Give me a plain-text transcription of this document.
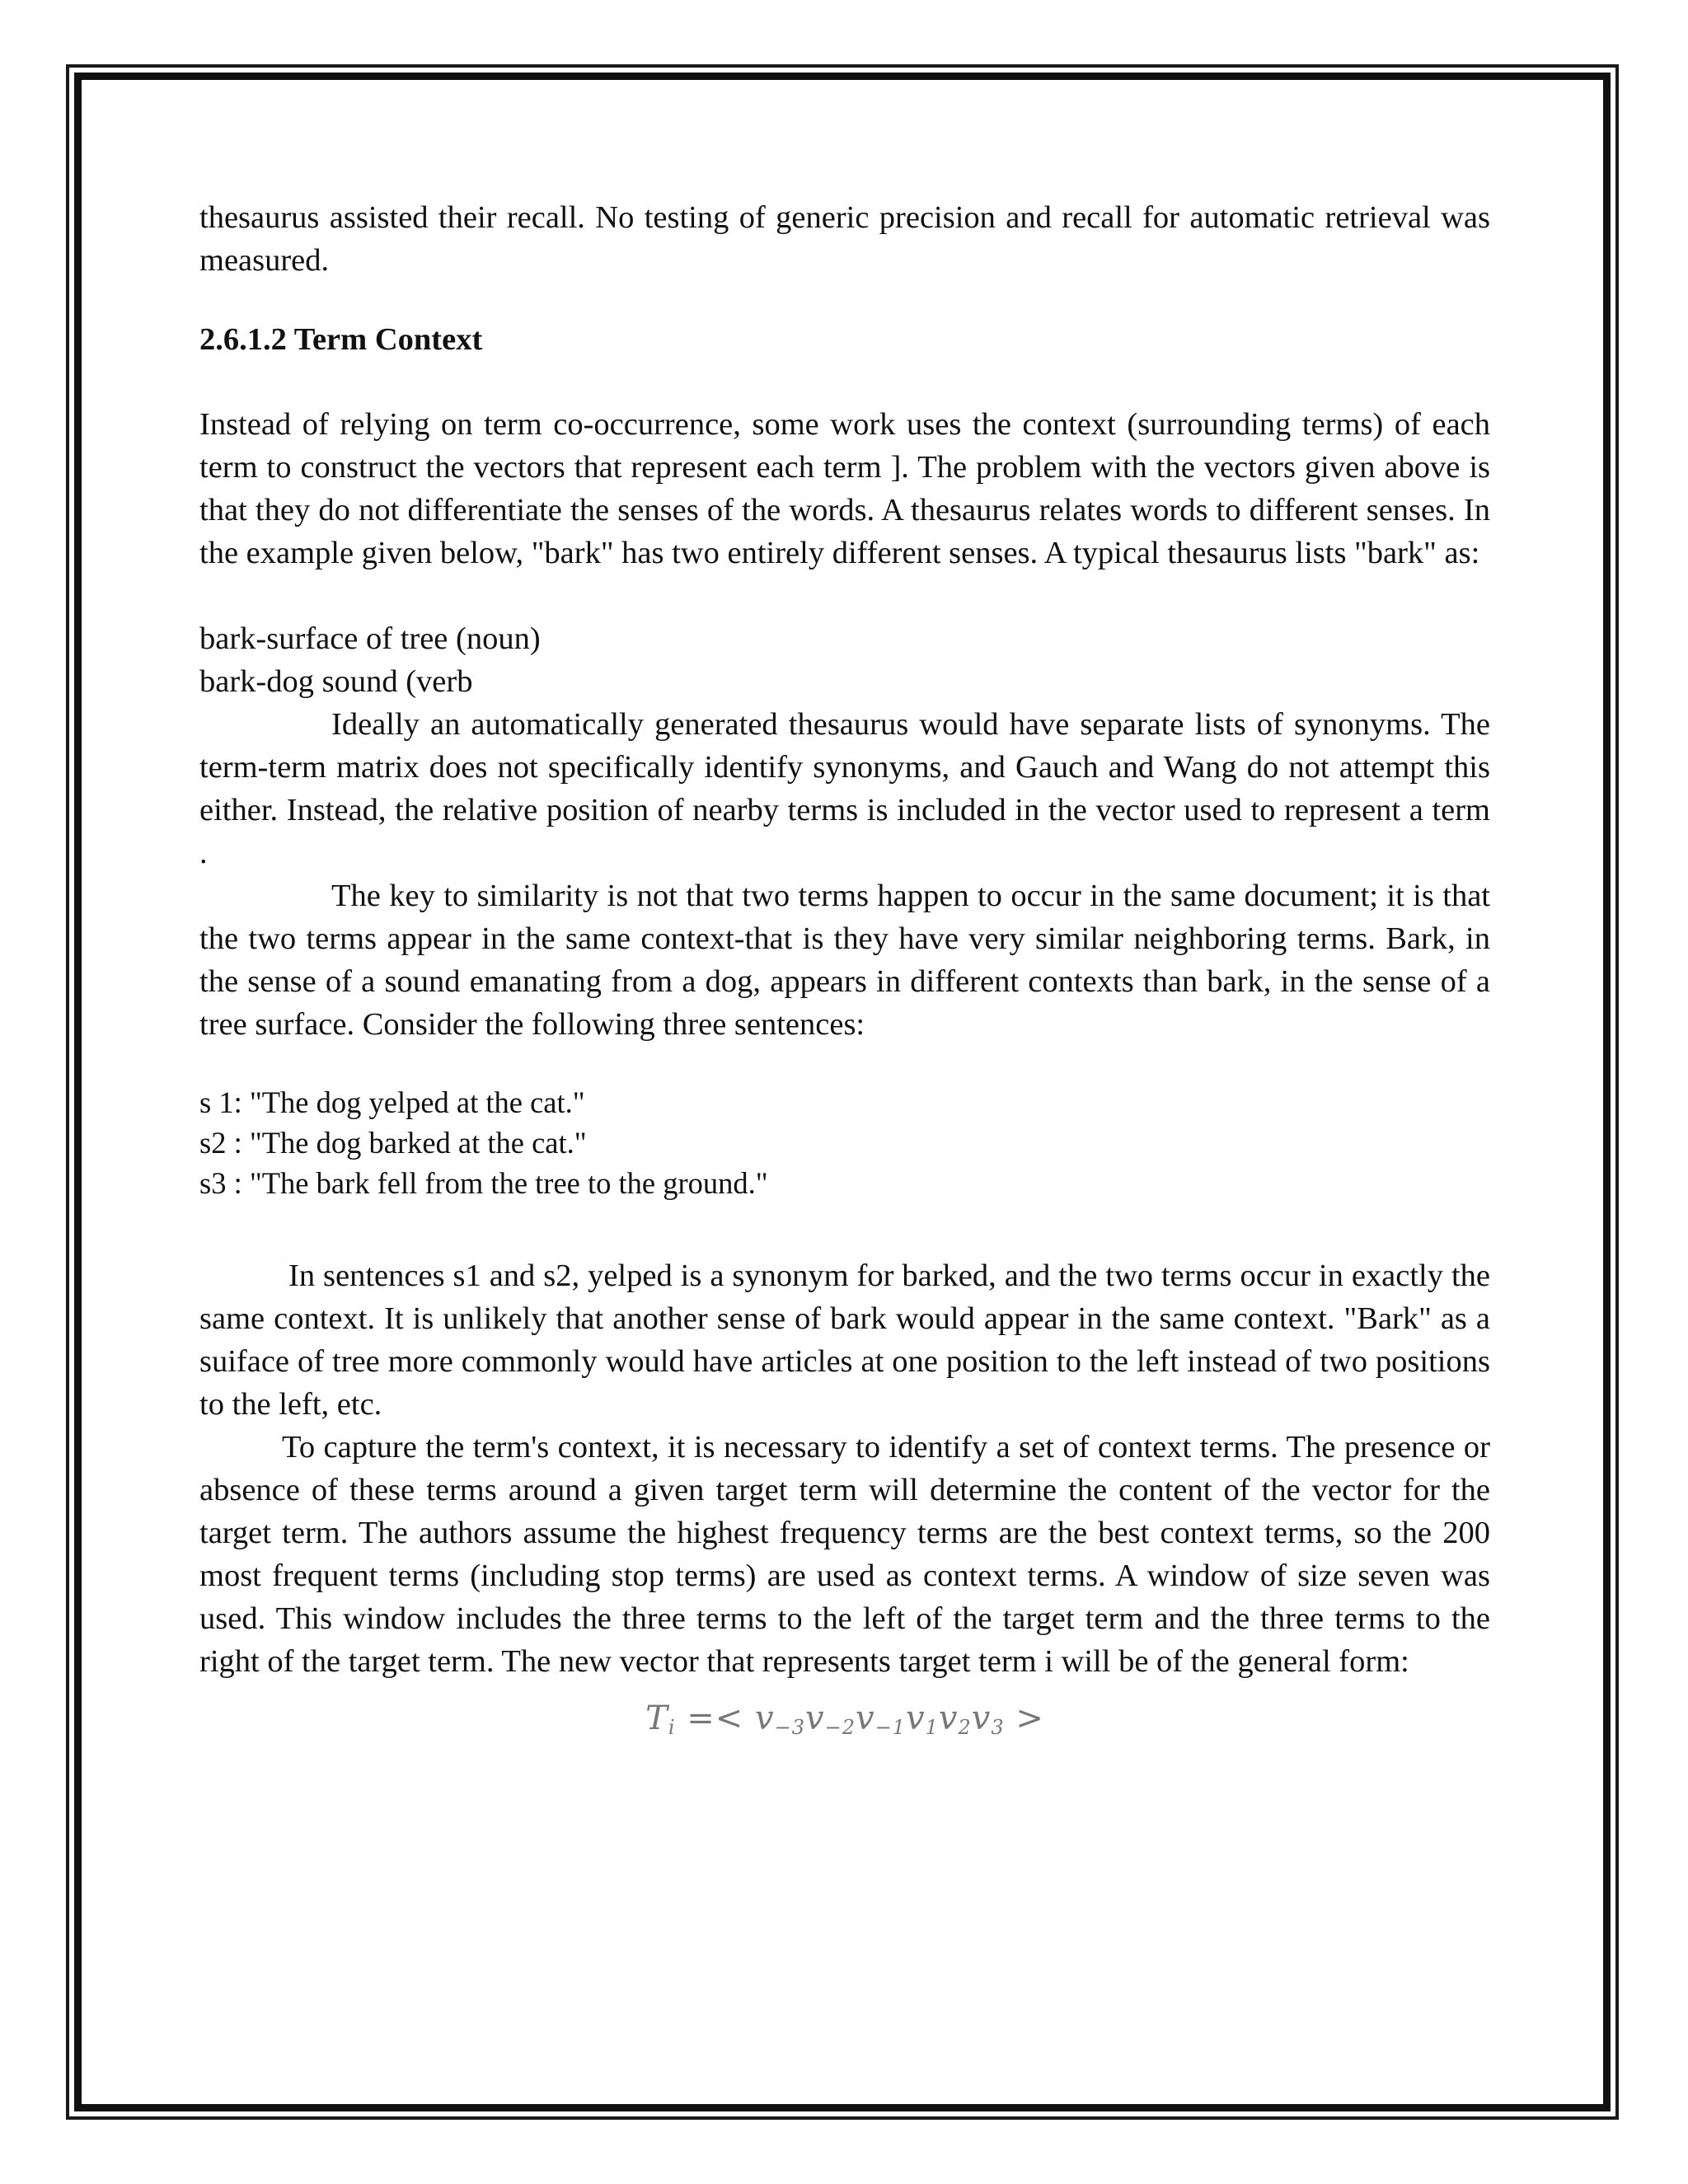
thesaurus assisted their recall. No testing of generic precision and recall for automatic retrieval was measured.

2.6.1.2 Term Context

Instead of relying on term co-occurrence, some work uses the context (surrounding terms) of each term to construct the vectors that represent each term ]. The problem with the vectors given above is that they do not differentiate the senses of the words. A thesaurus relates words to different senses. In the example given below, "bark" has two entirely different senses. A typical thesaurus lists "bark" as:

bark-surface of tree (noun)

bark-dog sound (verb

Ideally an automatically generated thesaurus would have separate lists of synonyms. The term-term matrix does not specifically identify synonyms, and Gauch and Wang do not attempt this either. Instead, the relative position of nearby terms is included in the vector used to represent a term .

The key to similarity is not that two terms happen to occur in the same document; it is that the two terms appear in the same context-that is they have very similar neighboring terms. Bark, in the sense of a sound emanating from a dog, appears in different contexts than bark, in the sense of a tree surface. Consider the following three sentences:

s 1: "The dog yelped at the cat."

s2 : "The dog barked at the cat."

s3 : "The bark fell from the tree to the ground."

In sentences s1 and s2, yelped is a synonym for barked, and the two terms occur in exactly the same context. It is unlikely that another sense of bark would appear in the same context. "Bark" as a suiface of tree more commonly would have articles at one position to the left instead of two positions to the left, etc.

To capture the term's context, it is necessary to identify a set of context terms. The presence or absence of these terms around a given target term will determine the content of the vector for the target term. The authors assume the highest frequency terms are the best context terms, so the 200 most frequent terms (including stop terms) are used as context terms. A window of size seven was used. This window includes the three terms to the left of the target term and the three terms to the right of the target term. The new vector that represents target term i will be of the general form:

$T_i =< v_{-3}v_{-2}v_{-1}v_1v_2v_3$ >
